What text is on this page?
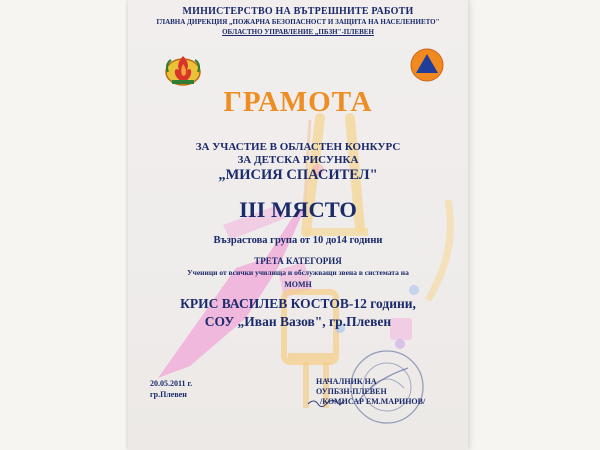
МИНИСТЕРСТВО НА ВЪТРЕШНИТЕ РАБОТИ
ГЛАВНА ДИРЕКЦИЯ „ПОЖАРНА БЕЗОПАСНОСТ И ЗАЩИТА НА НАСЕЛЕНИЕТО"
ОБЛАСТНО УПРАВЛЕНИЕ „ПБЗН"-ПЛЕВЕН
ГРАМОТА
ЗА УЧАСТИЕ В ОБЛАСТЕН КОНКУРС
ЗА ДЕТСКА РИСУНКА
„МИСИЯ СПАСИТЕЛ"
III МЯСТО
Възрастова група от 10 до14 години
ТРЕТА КАТЕГОРИЯ
Ученици от всички училища и обслужващи звена в системата на
МОМН
КРИС ВАСИЛЕВ КОСТОВ-12 години,
СОУ „Иван Вазов", гр.Плевен
20.05.2011 г.
гр.Плевен
НАЧАЛНИК НА
ОУПБЗН-ПЛЕВЕН
/КОМИСАР ЕМ.МАРИНОВ/
